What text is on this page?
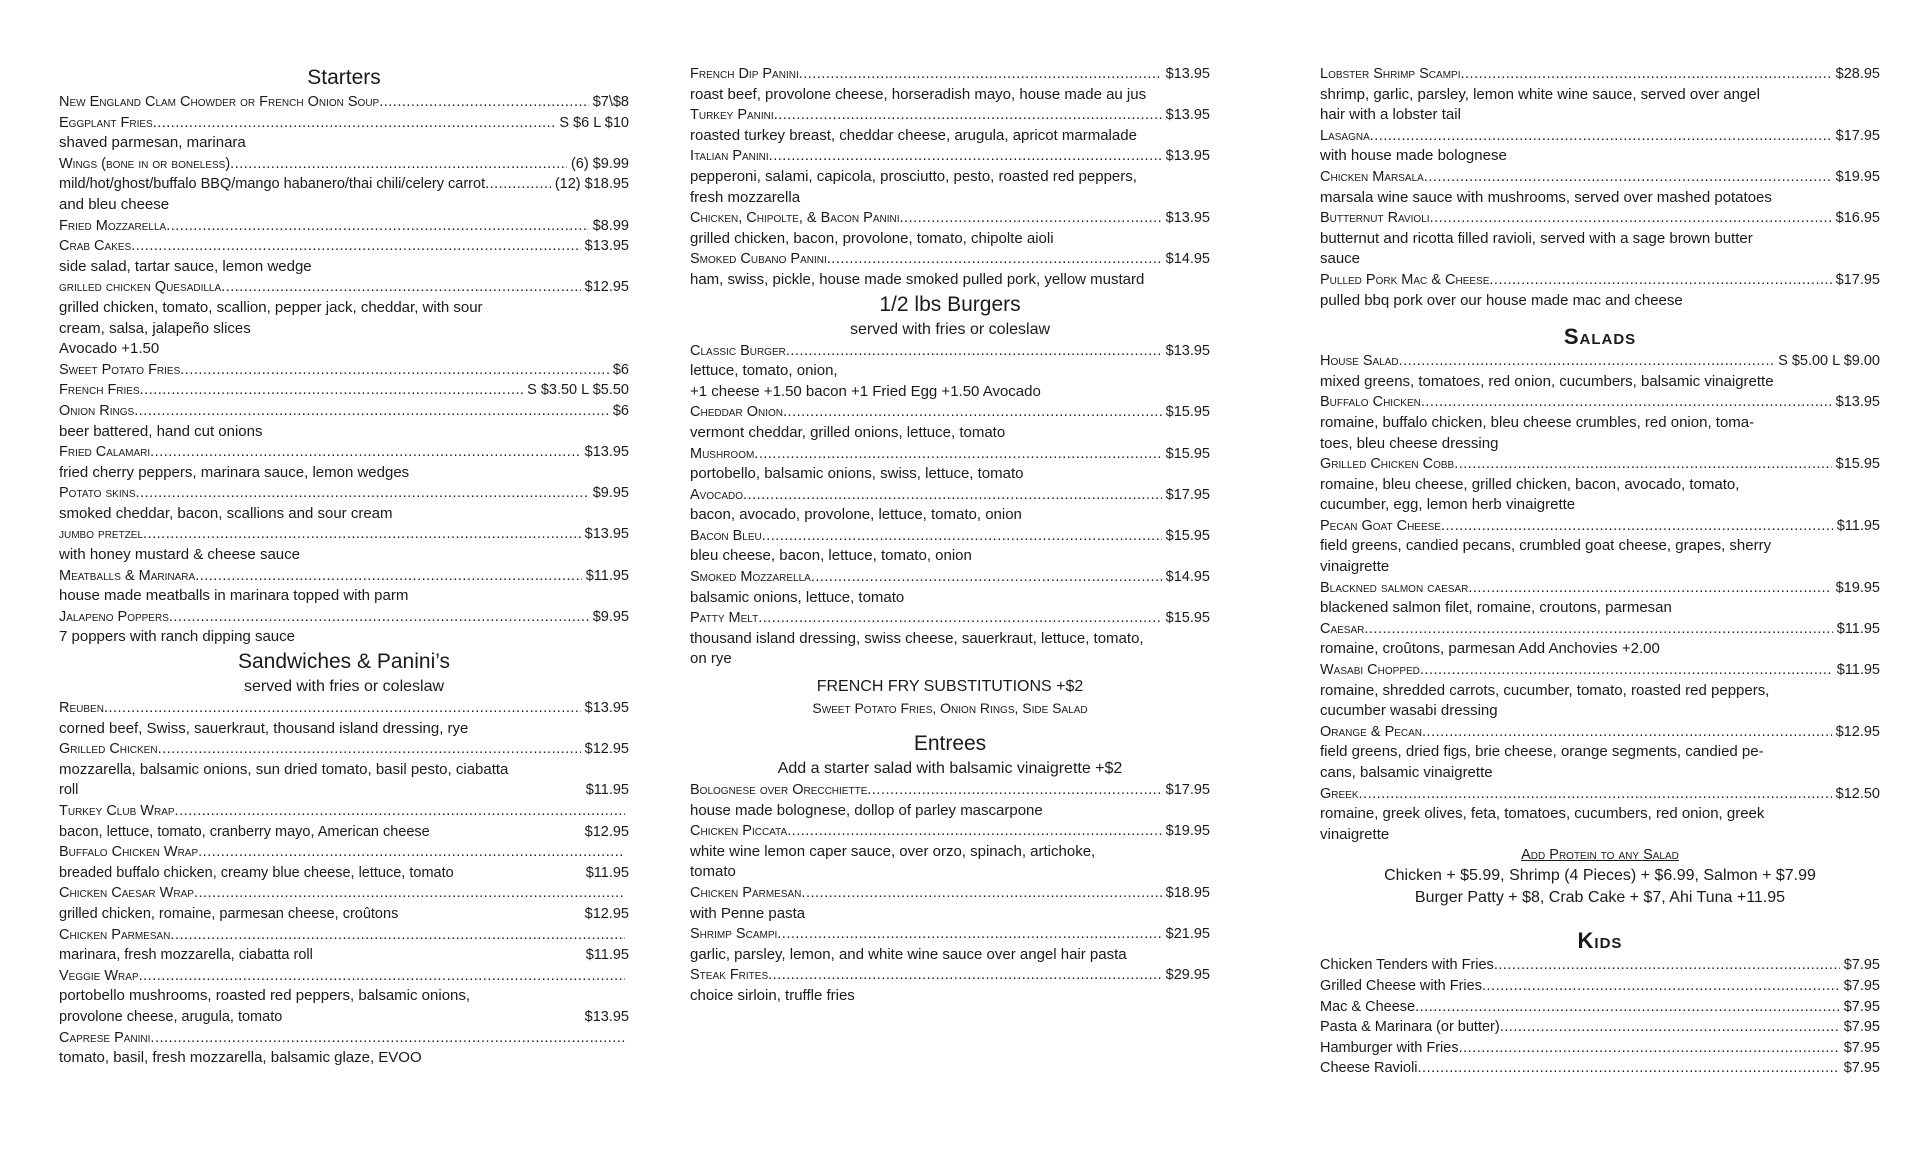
Starters
New England Clam Chowder or French Onion Soup .....	$7\$8
Eggplant Fries .....	S $6 L $10
shaved parmesan, marinara
Wings (bone in or boneless) .....	(6) $9.99
mild/hot/ghost/buffalo BBQ/mango habanero/thai chili/celery carrot .....	(12) $18.95
and bleu cheese
Fried Mozzarella .....	$8.99
Crab Cakes .....	$13.95
side salad, tartar sauce, lemon wedge
grilled chicken Quesadilla .....	$12.95
grilled chicken, tomato, scallion, pepper jack, cheddar, with sour
cream, salsa, jalapeño slices
Avocado +1.50
Sweet Potato Fries .....	$6
French Fries .....	S $3.50 L $5.50
Onion Rings .....	$6
beer battered, hand cut onions
Fried Calamari .....	$13.95
fried cherry peppers, marinara sauce, lemon wedges
Potato skins .....	$9.95
smoked cheddar, bacon, scallions and sour cream
jumbo pretzel .....	$13.95
with honey mustard & cheese sauce
Meatballs & Marinara .....	$11.95
house made meatballs in marinara topped with parm
Jalapeno Poppers .....	$9.95
7 poppers with ranch dipping sauce
Sandwiches & Panini’s
served with fries or coleslaw
Reuben .....	$13.95
corned beef, Swiss, sauerkraut, thousand island dressing, rye
Grilled Chicken .....	$12.95
mozzarella, balsamic onions, sun dried tomato, basil pesto, ciabatta
roll	$11.95
Turkey Club Wrap
.....
bacon, lettuce, tomato, cranberry mayo, American cheese	$12.95
Buffalo Chicken Wrap
.....
breaded buffalo chicken, creamy blue cheese, lettuce, tomato	$11.95
Chicken Caesar Wrap
.....
grilled chicken, romaine, parmesan cheese, croûtons	$12.95
Chicken Parmesan
.....
marinara, fresh mozzarella, ciabatta roll	$11.95
Veggie Wrap
.....
portobello mushrooms, roasted red peppers, balsamic onions,
provolone cheese, arugula, tomato	$13.95
Caprese Panini
.....
tomato, basil, fresh mozzarella, balsamic glaze, EVOO
French Dip Panini .....	$13.95
roast beef, provolone cheese, horseradish mayo, house made au jus
Turkey Panini .....	$13.95
roasted turkey breast, cheddar cheese, arugula, apricot marmalade
Italian Panini .....	$13.95
pepperoni, salami, capicola, prosciutto, pesto, roasted red peppers,
fresh mozzarella
Chicken, Chipolte, & Bacon Panini .....	$13.95
grilled chicken, bacon, provolone, tomato, chipolte aioli
Smoked Cubano Panini .....	$14.95
ham, swiss, pickle, house made smoked pulled pork, yellow mustard
1/2 lbs Burgers
served with fries or coleslaw
Classic Burger .....	$13.95
lettuce, tomato, onion,
+1 cheese +1.50 bacon +1 Fried Egg +1.50 Avocado
Cheddar Onion .....	$15.95
vermont cheddar, grilled onions, lettuce, tomato
Mushroom .....	$15.95
portobello, balsamic onions, swiss, lettuce, tomato
Avocado .....	$17.95
bacon, avocado, provolone, lettuce, tomato, onion
Bacon Bleu .....	$15.95
bleu cheese, bacon, lettuce, tomato, onion
Smoked Mozzarella .....	$14.95
balsamic onions, lettuce, tomato
Patty Melt .....	$15.95
thousand island dressing, swiss cheese, sauerkraut, lettuce, tomato,
on rye
FRENCH FRY SUBSTITUTIONS +$2
Sweet Potato Fries, Onion Rings, Side Salad
Entrees
Add a starter salad with balsamic vinaigrette +$2
Bolognese over Orecchiette .....	$17.95
house made bolognese, dollop of parley mascarpone
Chicken Piccata .....	$19.95
white wine lemon caper sauce, over orzo, spinach, artichoke,
tomato
Chicken Parmesan .....	$18.95
with Penne pasta
Shrimp Scampi .....	$21.95
garlic, parsley, lemon, and white wine sauce over angel hair pasta
Steak Frites .....	$29.95
choice sirloin, truffle fries
Lobster Shrimp Scampi .....	$28.95
shrimp, garlic, parsley, lemon white wine sauce, served over angel
hair with a lobster tail
Lasagna .....	$17.95
with house made bolognese
Chicken Marsala .....	$19.95
marsala wine sauce with mushrooms, served over mashed potatoes
Butternut Ravioli .....	$16.95
butternut and ricotta filled ravioli, served with a sage brown butter
sauce
Pulled Pork Mac & Cheese .....	$17.95
pulled bbq pork over our house made mac and cheese
Salads
House Salad .....	S $5.00 L $9.00
mixed greens, tomatoes, red onion, cucumbers, balsamic vinaigrette
Buffalo Chicken .....	$13.95
romaine, buffalo chicken, bleu cheese crumbles, red onion, toma-
toes, bleu cheese dressing
Grilled Chicken Cobb .....	$15.95
romaine, bleu cheese, grilled chicken, bacon, avocado, tomato,
cucumber, egg, lemon herb vinaigrette
Pecan Goat Cheese .....	$11.95
field greens, candied pecans, crumbled goat cheese, grapes, sherry
vinaigrette
Blackned salmon caesar .....	$19.95
blackened salmon filet, romaine, croutons, parmesan
Caesar .....	$11.95
romaine, croûtons, parmesan Add Anchovies +2.00
Wasabi Chopped .....	$11.95
romaine, shredded carrots, cucumber, tomato, roasted red peppers,
cucumber wasabi dressing
Orange & Pecan .....	$12.95
field greens, dried figs, brie cheese, orange segments, candied pe-
cans, balsamic vinaigrette
Greek .....	$12.50
romaine, greek olives, feta, tomatoes, cucumbers, red onion, greek
vinaigrette
Add Protein to any Salad
Chicken + $5.99, Shrimp (4 Pieces) + $6.99, Salmon + $7.99
Burger Patty + $8, Crab Cake + $7, Ahi Tuna +11.95
Kids
Chicken Tenders with Fries .....	$7.95
Grilled Cheese with Fries .....	$7.95
Mac & Cheese .....	$7.95
Pasta & Marinara (or butter) .....	$7.95
Hamburger with Fries .....	$7.95
Cheese Ravioli .....	$7.95
